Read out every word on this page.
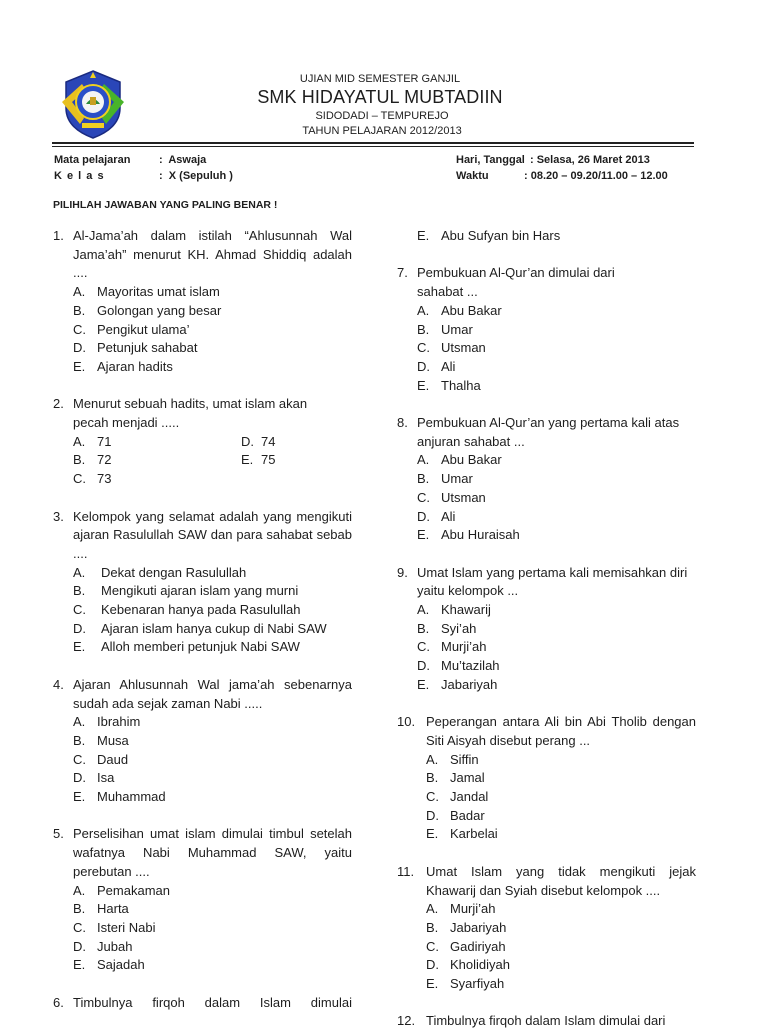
UJIAN MID SEMESTER GANJIL
SMK HIDAYATUL MUBTADIIN
SIDODADI – TEMPUREJO
TAHUN PELAJARAN 2012/2013
Mata pelajaran	:  Aswaja
K e l a s	:  X (Sepuluh )
Hari, Tanggal : Selasa, 26 Maret 2013
Waktu	: 08.20 – 09.20/11.00 – 12.00
PILIHLAH JAWABAN YANG PALING BENAR !
1. Al-Jama’ah dalam istilah “Ahlusunnah Wal Jama’ah” menurut KH. Ahmad Shiddiq adalah ....
A. Mayoritas umat islam
B. Golongan yang besar
C. Pengikut ulama’
D. Petunjuk sahabat
E. Ajaran hadits
2. Menurut sebuah hadits, umat islam akan pecah menjadi .....
A. 71	D. 74
B. 72	E. 75
C. 73
3. Kelompok yang selamat adalah yang mengikuti ajaran Rasulullah SAW dan para sahabat sebab ....
A.	Dekat dengan Rasulullah
B.	Mengikuti ajaran islam yang murni
C.	Kebenaran hanya pada Rasulullah
D.	Ajaran islam hanya cukup di Nabi SAW
E.	Alloh memberi petunjuk Nabi SAW
4. Ajaran Ahlusunnah Wal jama’ah sebenarnya sudah ada sejak zaman Nabi .....
A. Ibrahim
B. Musa
C. Daud
D. Isa
E. Muhammad
5. Perselisihan umat islam dimulai timbul setelah wafatnya Nabi Muhammad SAW, yaitu perebutan ....
A. Pemakaman
B. Harta
C. Isteri Nabi
D. Jubah
E. Sajadah
6. Timbulnya firqoh dalam Islam dimulai
E. Abu Sufyan bin Hars
7. Pembukuan Al-Qur’an dimulai dari sahabat ...
A. Abu Bakar
B. Umar
C. Utsman
D. Ali
E. Thalha
8. Pembukuan Al-Qur’an yang pertama kali atas anjuran sahabat ...
A. Abu Bakar
B. Umar
C. Utsman
D. Ali
E. Abu Huraisah
9. Umat Islam yang pertama kali memisahkan diri yaitu kelompok ...
A. Khawarij
B. Syi’ah
C. Murji’ah
D. Mu’tazilah
E. Jabariyah
10. Peperangan antara Ali bin Abi Tholib dengan Siti Aisyah disebut perang ...
A. Siffin
B. Jamal
C. Jandal
D. Badar
E. Karbelai
11. Umat Islam yang tidak mengikuti jejak Khawarij dan Syiah disebut kelompok ....
A. Murji’ah
B. Jabariyah
C. Gadiriyah
D. Kholidiyah
E. Syarfiyah
12. Timbulnya firqoh dalam Islam dimulai dari
